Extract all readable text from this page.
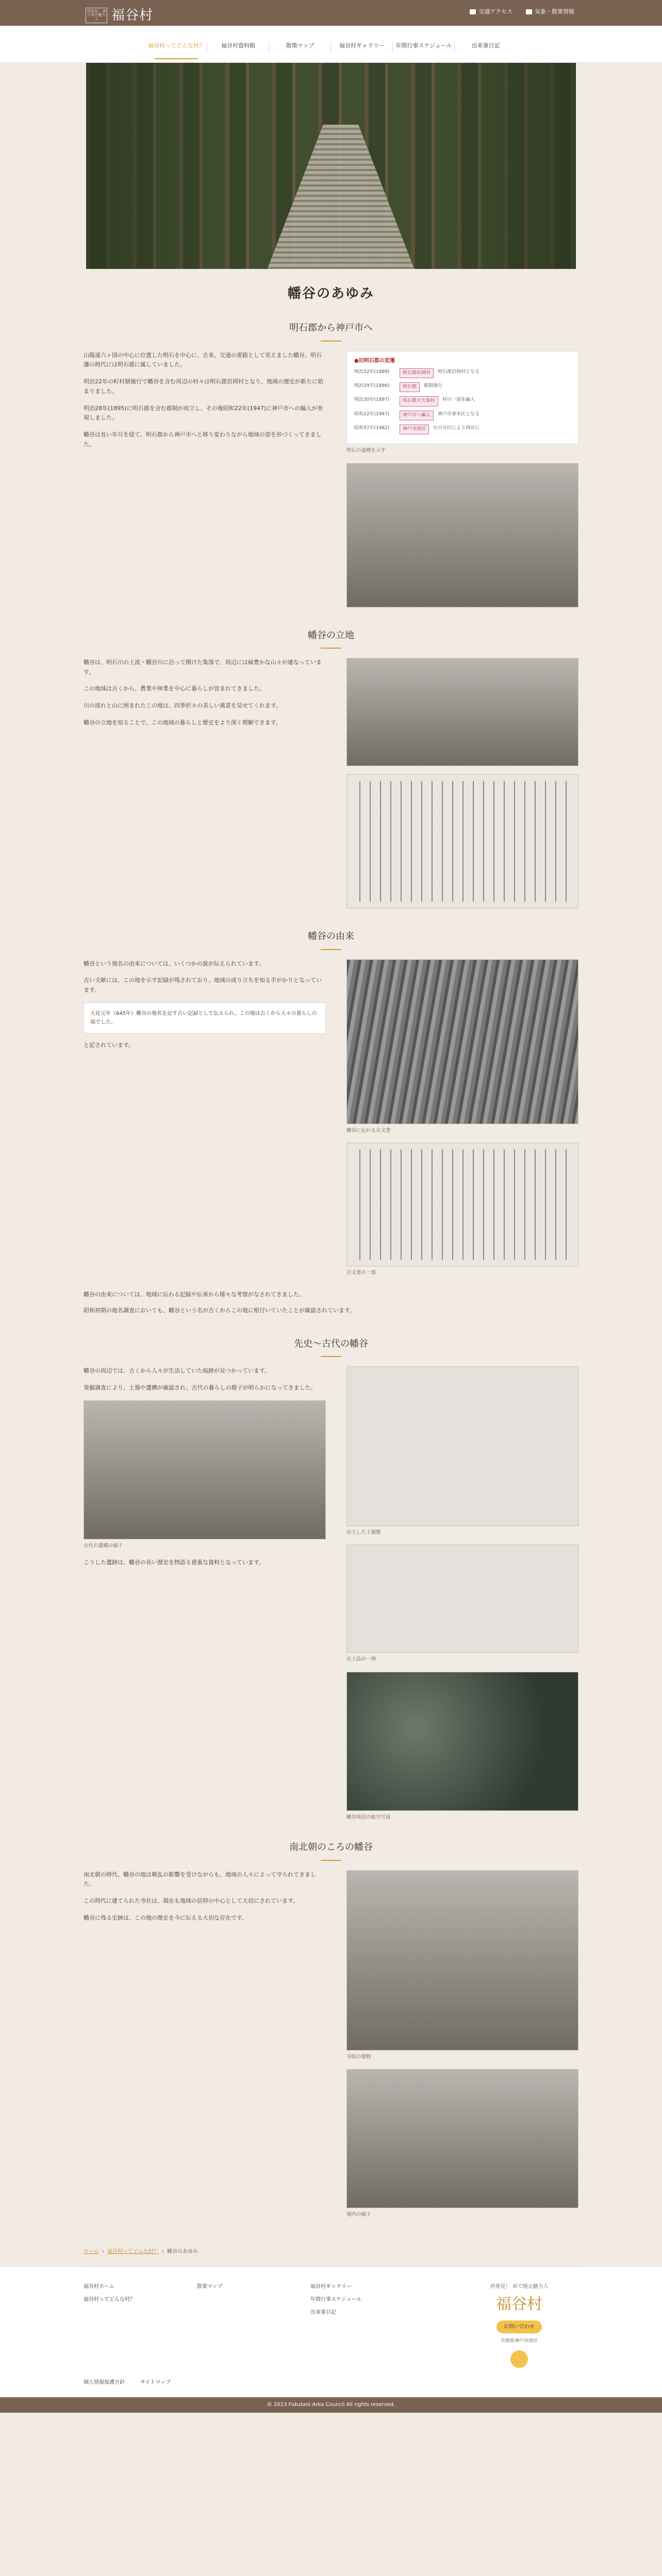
再発見！ 車で地元魅力人 福谷村	交通アクセス	気象・散策情報
福谷村ってどんな村？	福谷村資料館	散策マップ	福谷村ギャラリー	年間行事スケジュール	出来事日記
幡谷のあゆみ
明石郡から神戸市へ

山陽道六ヶ国の中心に位置した明石を中心に、古来、交通の要路として栄えました幡谷。明石藩の時代には明石郡に属していました。

明治22年の町村制施行で幡谷を含む周辺の村々は明石郡岩岡村となり、地域の歴史が新たに始まりました。

明治28年(1895)に明石郡を含む郡制が成立し、その後昭和22年(1947)に神戸市への編入が実現しました。

幡谷は長い年月を経て、明石郡から神戸市へと移り変わりながら地域の姿を形づくってきました。

●旧明石郡の変遷
明治22年(1889)	明石郡岩岡村	明石郡岩岡村となる
明治29年(1896)	明石郡	郡制施行
明治30年(1897)	明石郡大久保村	村の一部を編入
昭和22年(1947)	神戸市へ編入	神戸市垂水区となる
昭和57年(1982)	神戸市西区	区の分区により西区に
明石の道標を示す
幡谷の立地

幡谷は、明石川の上流・幡谷川に沿って開けた集落で、周辺には緑豊かな山々が連なっています。

この地域は古くから、農業や林業を中心に暮らしが営まれてきました。

川の流れと山に囲まれたこの地は、四季折々の美しい風景を見せてくれます。

幡谷の立地を知ることで、この地域の暮らしと歴史をより深く理解できます。

幡谷の由来

幡谷という地名の由来については、いくつかの説が伝えられています。

古い文献には、この地を示す記録が残されており、地域の成り立ちを知る手がかりとなっています。

大化元年（645年）幡谷の地名を記す古い記録として伝えられ、この地は古くから人々の暮らしの場でした。

と記されています。

幡谷に伝わる古文書
古文書の一部

幡谷の由来については、地域に伝わる記録や伝承から様々な考察がなされてきました。

昭和初期の地名調査においても、幡谷という名が古くからこの地に根付いていたことが確認されています。

先史〜古代の幡谷

幡谷の周辺では、古くから人々が生活していた痕跡が見つかっています。

発掘調査により、土器や遺構が確認され、古代の暮らしの様子が明らかになってきました。

古代の遺構の様子

こうした遺跡は、幡谷の長い歴史を物語る貴重な資料となっています。

出土した土器類
出土品の一例
幡谷周辺の航空写真
南北朝のころの幡谷

南北朝の時代、幡谷の地は戦乱の影響を受けながらも、地域の人々によって守られてきました。

この時代に建てられた寺社は、現在も地域の信仰の中心として大切にされています。

幡谷に残る史跡は、この地の歴史を今に伝える大切な存在です。

寺院の建物
境内の様子
ホーム › 福谷村ってどんな村？ › 幡谷のあゆみ
福谷村ホーム
福谷村ってどんな村？
散策マップ	福谷村ギャラリー
年間行事スケジュール
出来事日記
再発見！ 車で地元魅力人
福谷村
お問い合わせ
兵庫県神戸市西区
個人情報保護方針	サイトマップ
© 2023 Fukutani Area Council All rights reserved.
